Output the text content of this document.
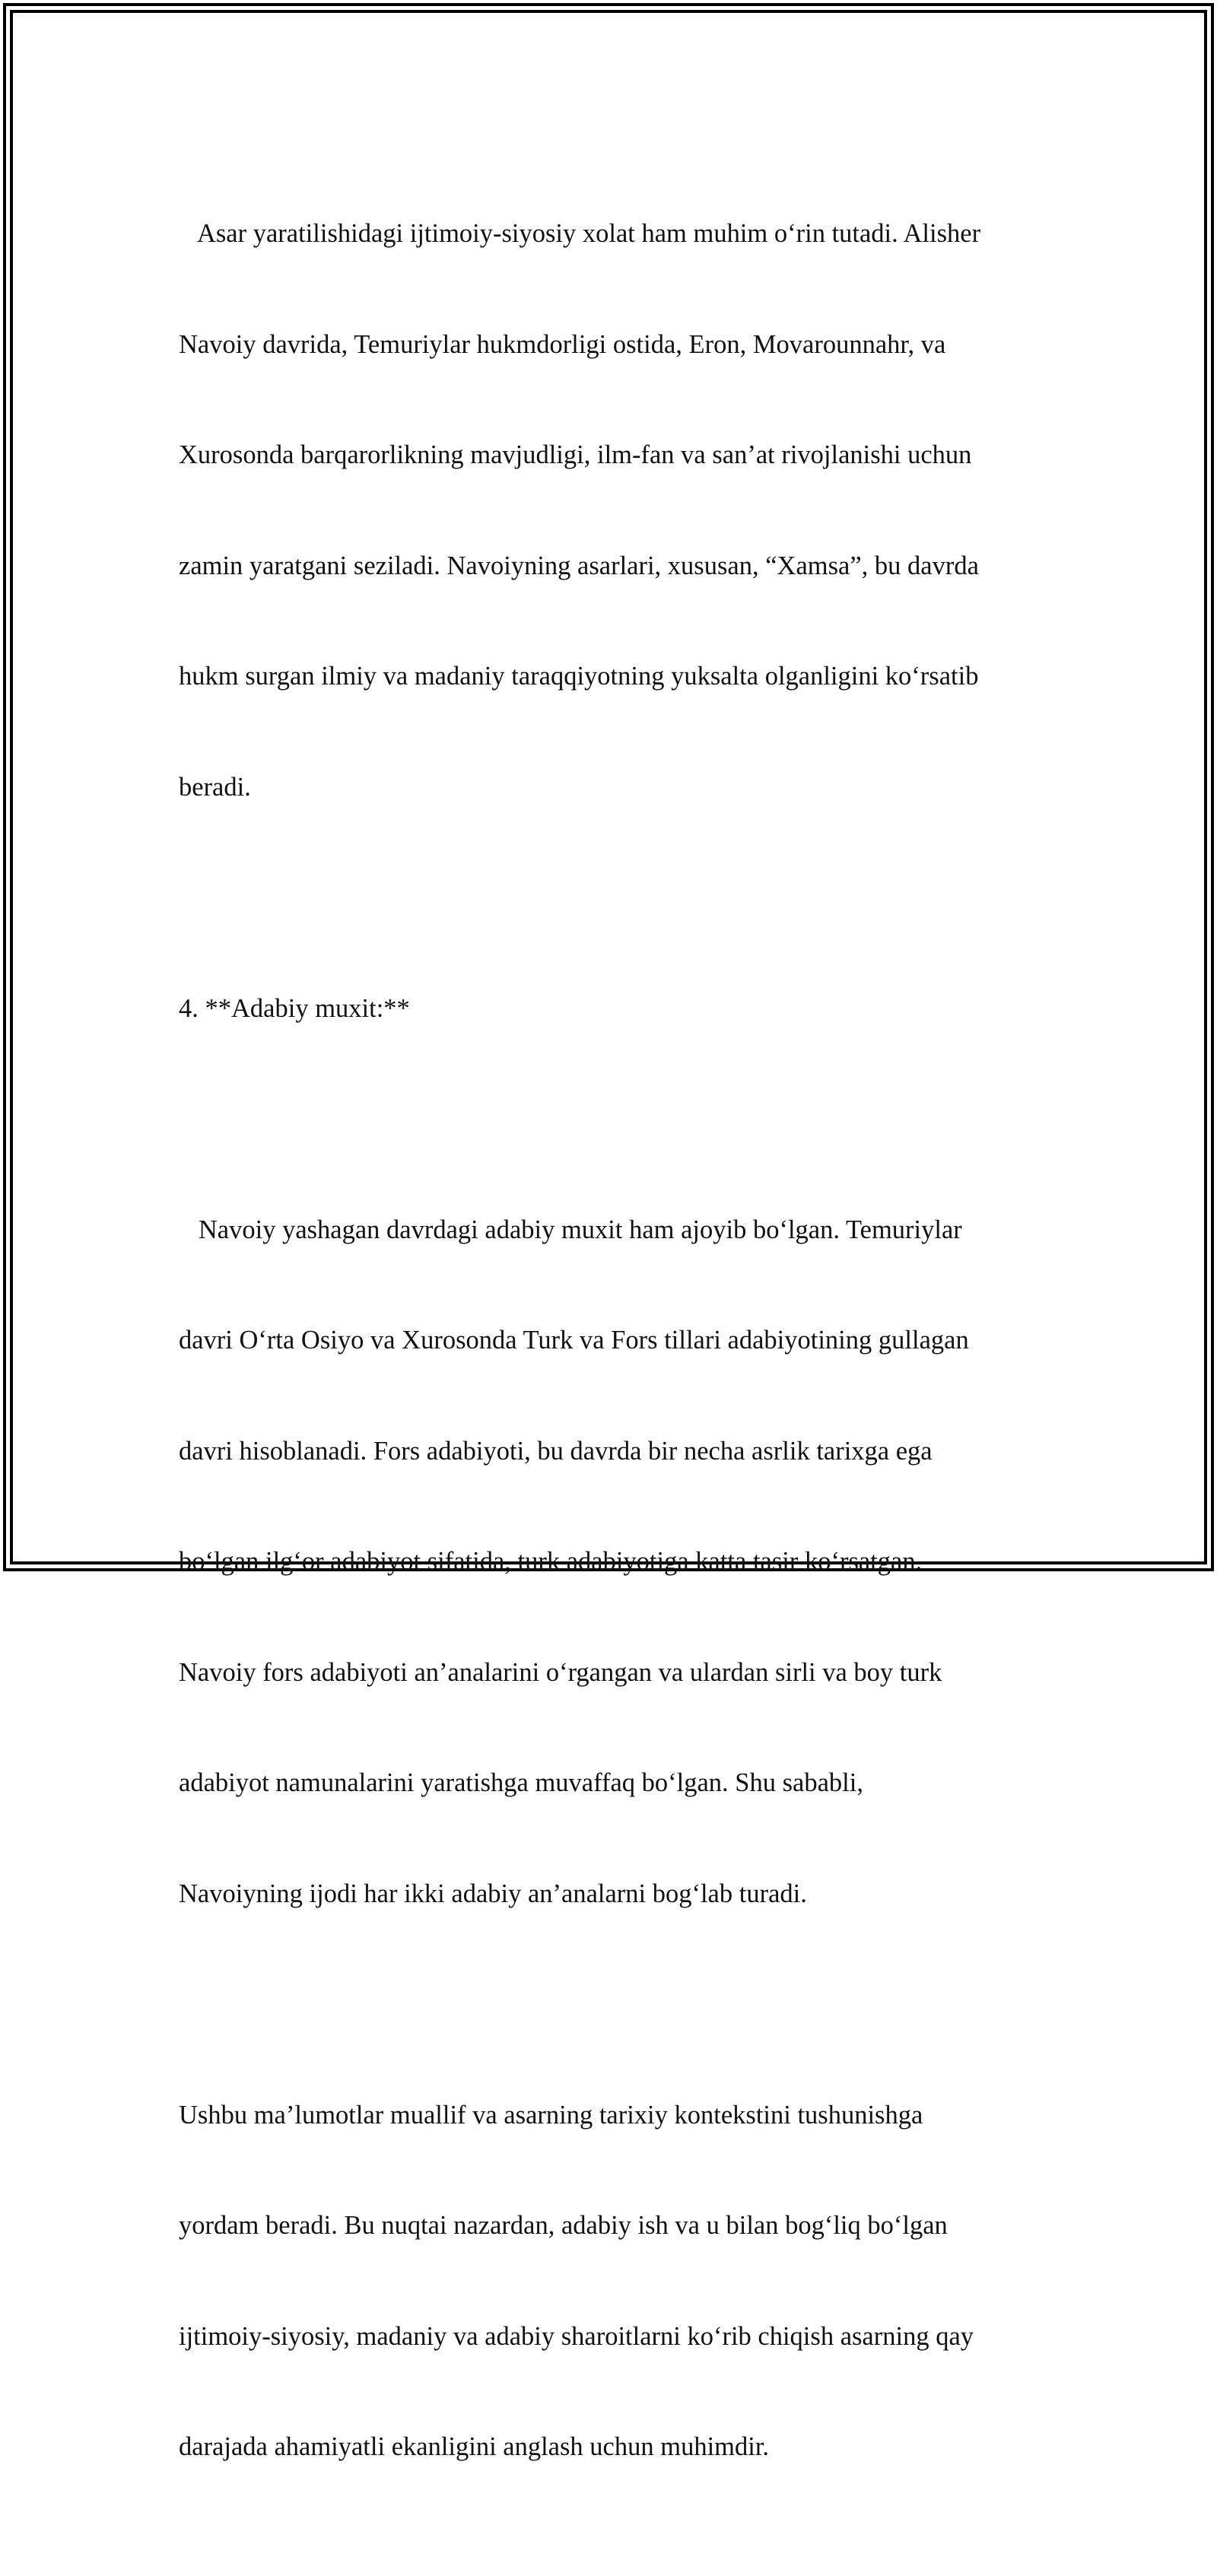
Asar yaratilishidagi ijtimoiy-siyosiy xolat ham muhim oʻrin tutadi. Alisher

Navoiy davrida, Temuriylar hukmdorligi ostida, Eron, Movarounnahr, va

Xurosonda barqarorlikning mavjudligi, ilm-fan va san’at rivojlanishi uchun

zamin yaratgani seziladi. Navoiyning asarlari, xususan, “Xamsa”, bu davrda

hukm surgan ilmiy va madaniy taraqqiyotning yuksalta olganligini koʻrsatib

beradi.

4. **Adabiy muxit:**

Navoiy yashagan davrdagi adabiy muxit ham ajoyib boʻlgan. Temuriylar

davri Oʻrta Osiyo va Xurosonda Turk va Fors tillari adabiyotining gullagan

davri hisoblanadi. Fors adabiyoti, bu davrda bir necha asrlik tarixga ega

boʻlgan ilgʻor adabiyot sifatida, turk adabiyotiga katta tasir koʻrsatgan.

Navoiy fors adabiyoti an’analarini oʻrgangan va ulardan sirli va boy turk

adabiyot namunalarini yaratishga muvaffaq boʻlgan. Shu sababli,

Navoiyning ijodi har ikki adabiy an’analarni bogʻlab turadi.

Ushbu ma’lumotlar muallif va asarning tarixiy kontekstini tushunishga

yordam beradi. Bu nuqtai nazardan, adabiy ish va u bilan bogʻliq boʻlgan

ijtimoiy-siyosiy, madaniy va adabiy sharoitlarni koʻrib chiqish asarning qay

darajada ahamiyatli ekanligini anglash uchun muhimdir.
